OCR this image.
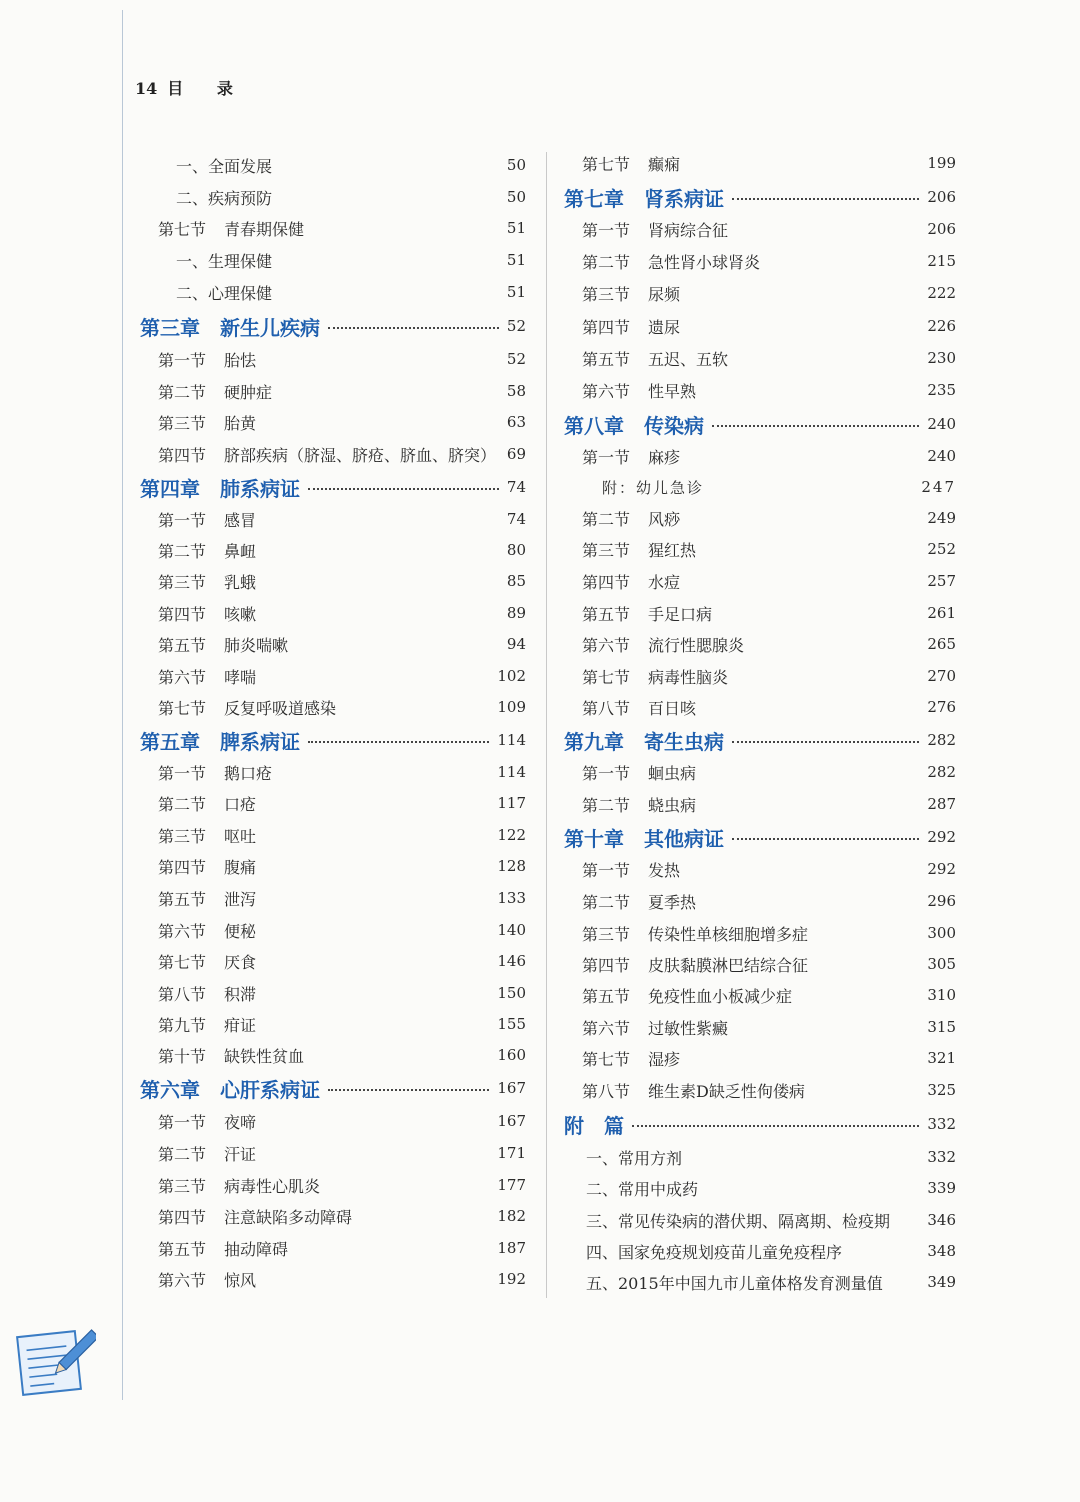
14 目 录
一、全面发展	50
二、疾病预防	50
第七节 青春期保健	51
一、生理保健	51
二、心理保健	51
第三章 新生儿疾病	52
第一节 胎怯	52
第二节 硬肿症	58
第三节 胎黄	63
第四节 脐部疾病（脐湿、脐疮、脐血、脐突） 69
第四章 肺系病证	74
第一节 感冒	74
第二节 鼻衄	80
第三节 乳蛾	85
第四节 咳嗽	89
第五节 肺炎喘嗽	94
第六节 哮喘	102
第七节 反复呼吸道感染	109
第五章 脾系病证	114
第一节 鹅口疮	114
第二节 口疮	117
第三节 呕吐	122
第四节 腹痛	128
第五节 泄泻	133
第六节 便秘	140
第七节 厌食	146
第八节 积滞	150
第九节 疳证	155
第十节 缺铁性贫血	160
第六章 心肝系病证	167
第一节 夜啼	167
第二节 汗证	171
第三节 病毒性心肌炎	177
第四节 注意缺陷多动障碍	182
第五节 抽动障碍	187
第六节 惊风	192
第七节 癫痫	199
第七章 肾系病证	206
第一节 肾病综合征	206
第二节 急性肾小球肾炎	215
第三节 尿频	222
第四节 遗尿	226
第五节 五迟、五软	230
第六节 性早熟	235
第八章 传染病	240
第一节 麻疹	240
附：幼儿急诊	247
第二节 风痧	249
第三节 猩红热	252
第四节 水痘	257
第五节 手足口病	261
第六节 流行性腮腺炎	265
第七节 病毒性脑炎	270
第八节 百日咳	276
第九章 寄生虫病	282
第一节 蛔虫病	282
第二节 蛲虫病	287
第十章 其他病证	292
第一节 发热	292
第二节 夏季热	296
第三节 传染性单核细胞增多症	300
第四节 皮肤黏膜淋巴结综合征	305
第五节 免疫性血小板减少症	310
第六节 过敏性紫癜	315
第七节 湿疹	321
第八节 维生素D缺乏性佝偻病	325
附 篇	332
一、常用方剂	332
二、常用中成药	339
三、常见传染病的潜伏期、隔离期、检疫期 346
四、国家免疫规划疫苗儿童免疫程序	348
五、2015年中国九市儿童体格发育测量值	349
